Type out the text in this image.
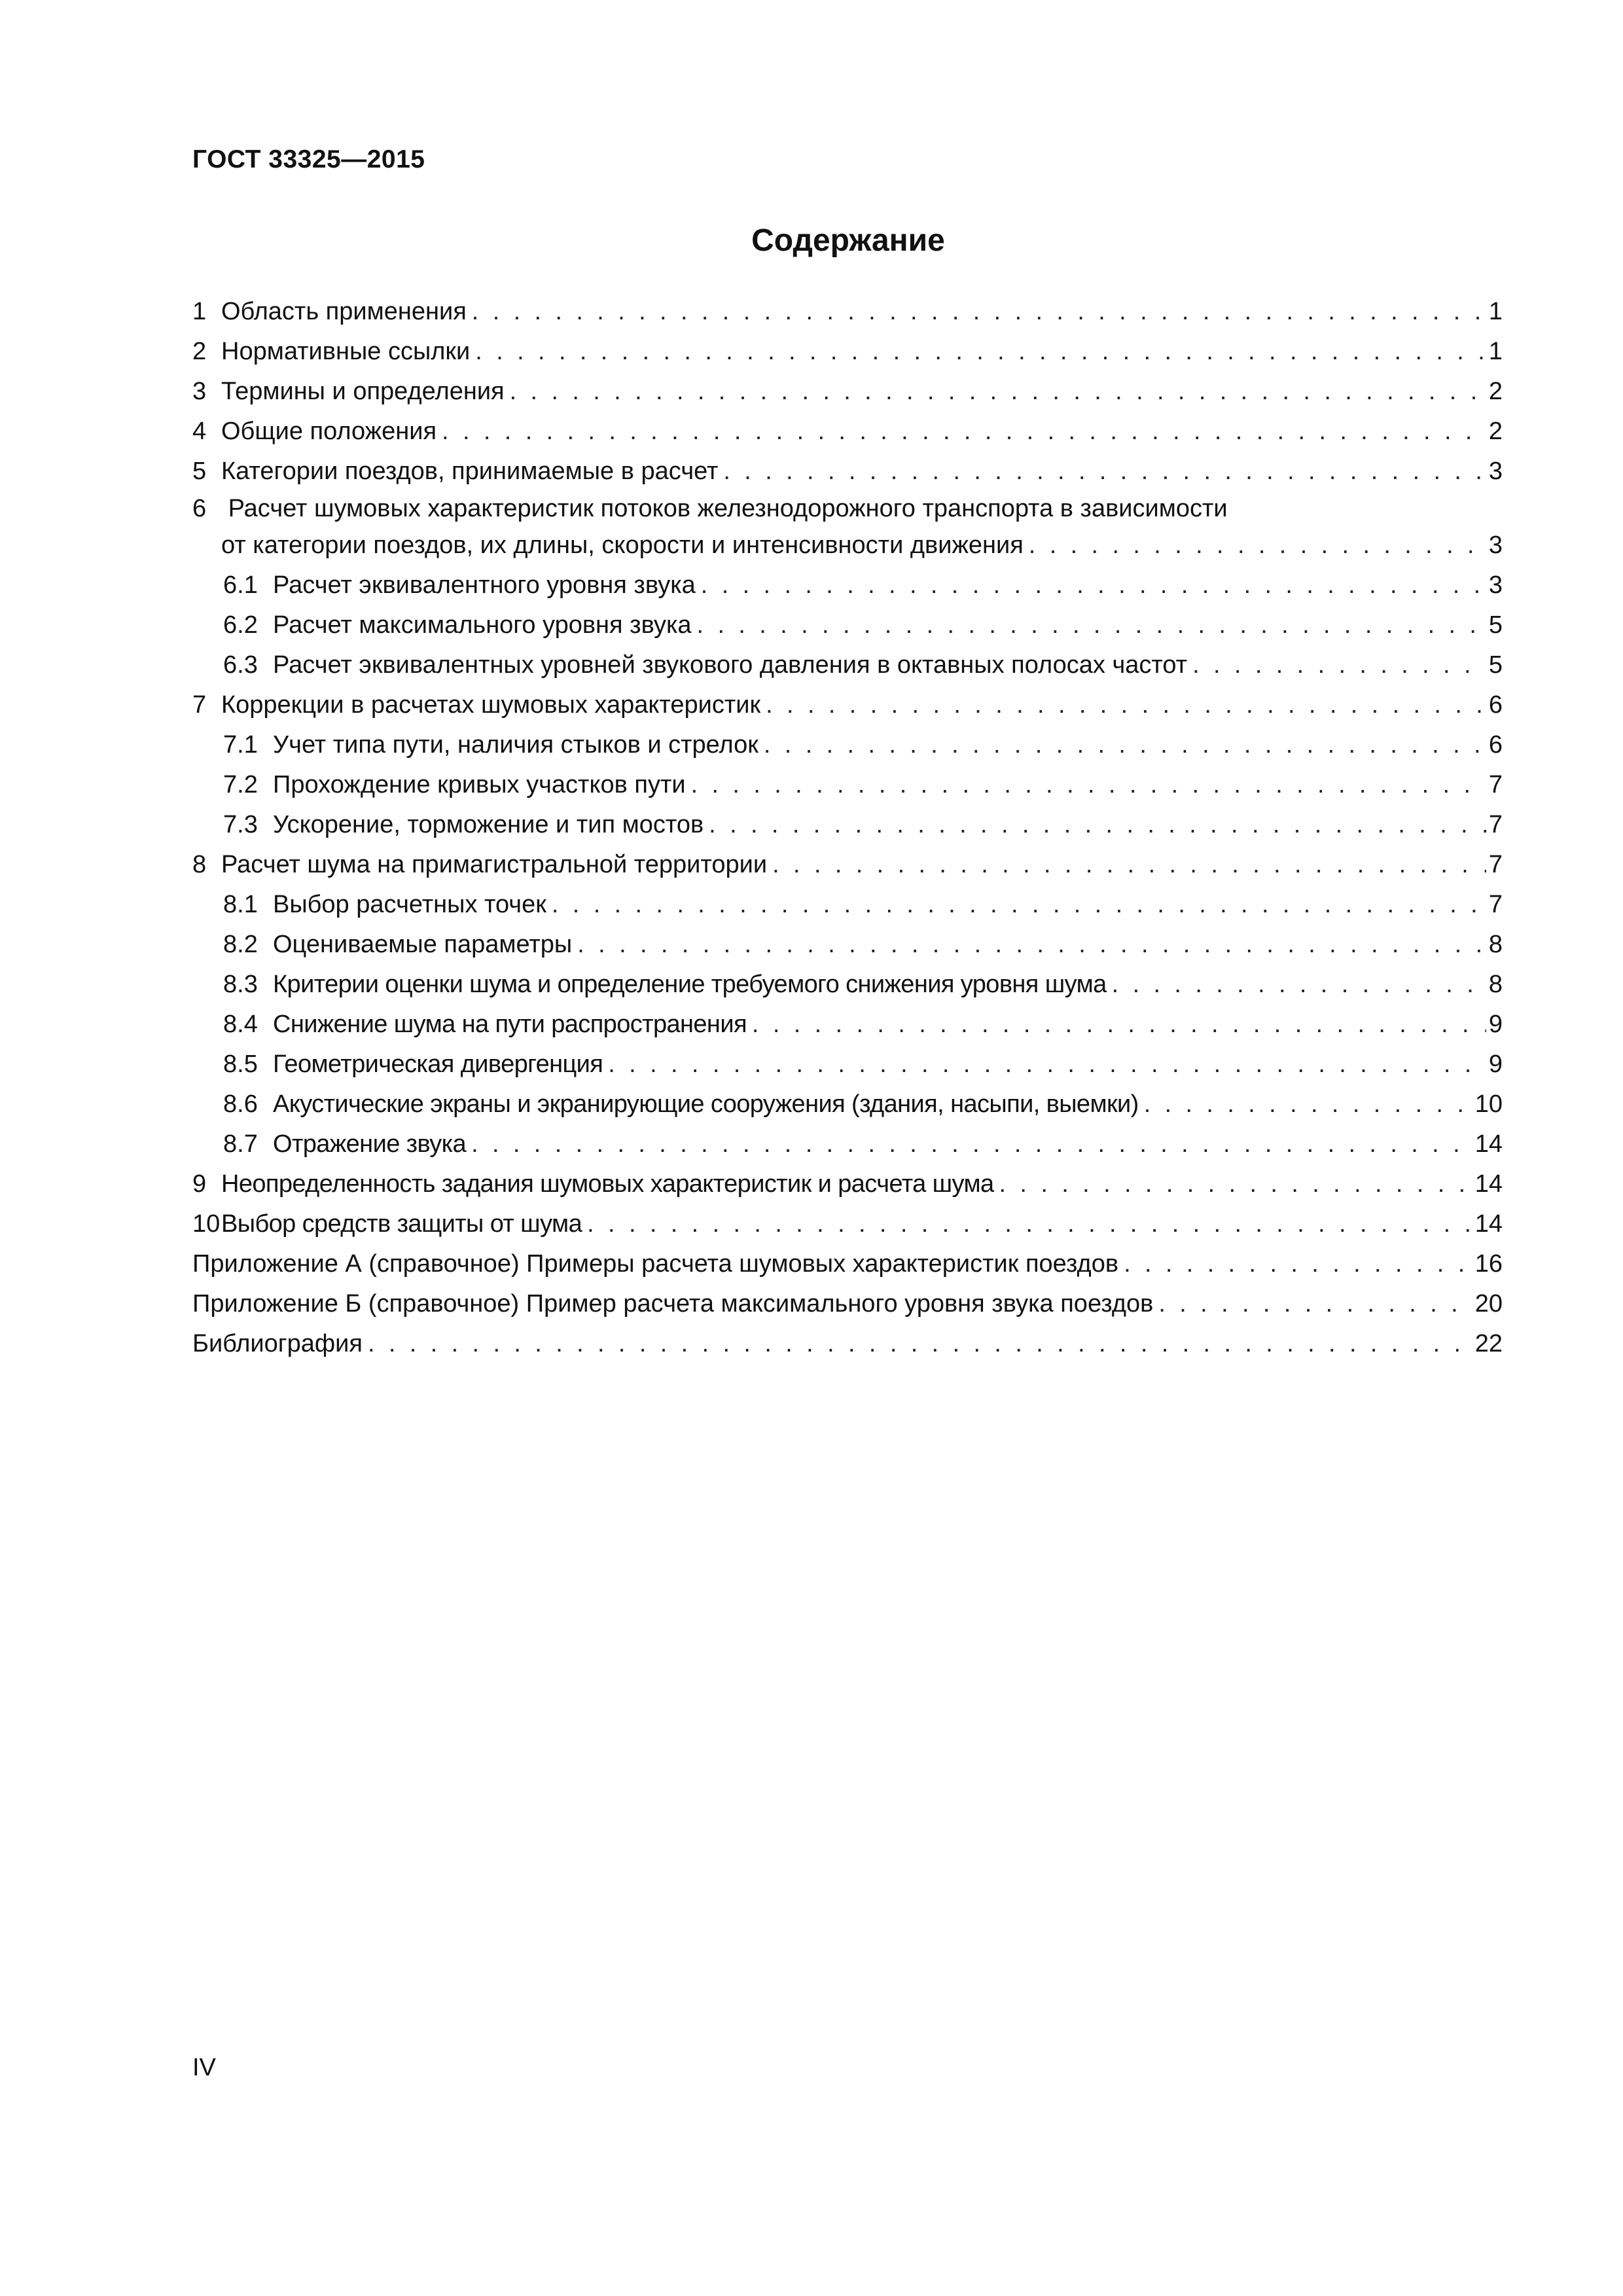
ГОСТ 33325—2015
Содержание
1 Область применения . . .	1
2 Нормативные ссылки . . .	1
3 Термины и определения . . .	2
4 Общие положения . . .	2
5 Категории поездов, принимаемые в расчет . . .	3
6 Расчет шумовых характеристик потоков железнодорожного транспорта в зависимости
от категории поездов, их длины, скорости и интенсивности движения . . .	3
6.1 Расчет эквивалентного уровня звука . . .	3
6.2 Расчет максимального уровня звука . . .	5
6.3 Расчет эквивалентных уровней звукового давления в октавных полосах частот . . .	5
7 Коррекции в расчетах шумовых характеристик . . .	6
7.1 Учет типа пути, наличия стыков и стрелок . . .	6
7.2 Прохождение кривых участков пути . . .	7
7.3 Ускорение, торможение и тип мостов . . .	7
8 Расчет шума на примагистральной территории . . .	7
8.1 Выбор расчетных точек . . .	7
8.2 Оцениваемые параметры . . .	8
8.3 Критерии оценки шума и определение требуемого снижения уровня шума . . .	8
8.4 Снижение шума на пути распространения . . .	9
8.5 Геометрическая дивергенция . . .	9
8.6 Акустические экраны и экранирующие сооружения (здания, насыпи, выемки) . . .	10
8.7 Отражение звука . . .	14
9 Неопределенность задания шумовых характеристик и расчета шума . . .	14
10 Выбор средств защиты от шума . . .	14
Приложение А (справочное) Примеры расчета шумовых характеристик поездов . . .	16
Приложение Б (справочное) Пример расчета максимального уровня звука поездов . . .	20
Библиография . . .	22
IV
